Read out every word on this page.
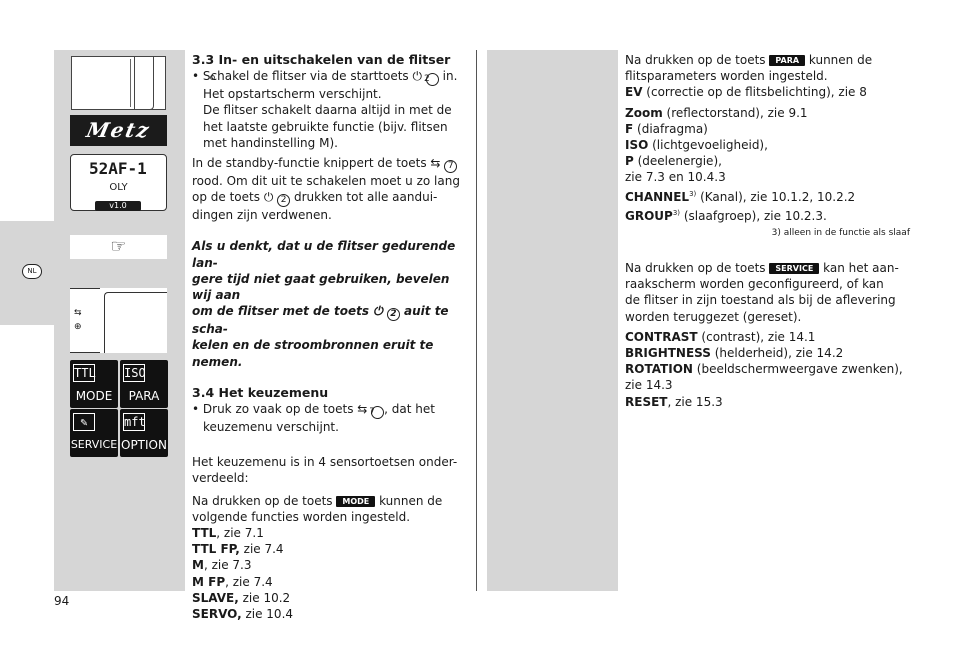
NL
Metz
52AF-1
OLY
v1.0
☞
⇆
⊕
TTL
MODE
ISO
PARA
✎
SERVICE
mft
OPTION
3.3 In- en uitschakelen van de flitser
• Schakel de flitser via de starttoets ⏻ 2 in.
Het opstartscherm verschijnt.
De flitser schakelt daarna altijd in met de
het laatste gebruikte functie (bijv. flitsen
met handinstelling M).
In de standby-functie knippert de toets ⇆ 7
rood. Om dit uit te schakelen moet u zo lang
op de toets ⏻ 2 drukken tot alle aandui-
dingen zijn verdwenen.
Als u denkt, dat u de flitser gedurende lan-
gere tijd niet gaat gebruiken, bevelen wij aan
om de flitser met de toets ⏻ 2 auit te scha-
kelen en de stroombronnen eruit te nemen.
3.4 Het keuzemenu
• Druk zo vaak op de toets ⇆ 7 , dat het
keuzemenu verschijnt.
Het keuzemenu is in 4 sensortoetsen onder-
verdeeld:
Na drukken op de toets MODE kunnen de
volgende functies worden ingesteld.
TTL, zie 7.1
TTL FP, zie 7.4
M, zie 7.3
M FP, zie 7.4
SLAVE, zie 10.2
SERVO, zie 10.4
Na drukken op de toets PARA kunnen de
flitsparameters worden ingesteld.
EV (correctie op de flitsbelichting), zie 8
Zoom (reflectorstand), zie 9.1
F (diafragma)
ISO (lichtgevoeligheid),
P (deelenergie),
zie 7.3 en 10.4.3
CHANNEL$^{3)}$ (Kanal), zie 10.1.2, 10.2.2
GROUP$^{3)}$ (slaafgroep), zie 10.2.3.
3) alleen in de functie als slaaf
Na drukken op de toets SERVICE kan het aan-
raakscherm worden geconfigureerd, of kan
de flitser in zijn toestand als bij de aflevering
worden teruggezet (gereset).
CONTRAST (contrast), zie 14.1
BRIGHTNESS (helderheid), zie 14.2
ROTATION (beeldschermweergave zwenken),
zie 14.3
RESET, zie 15.3
94
